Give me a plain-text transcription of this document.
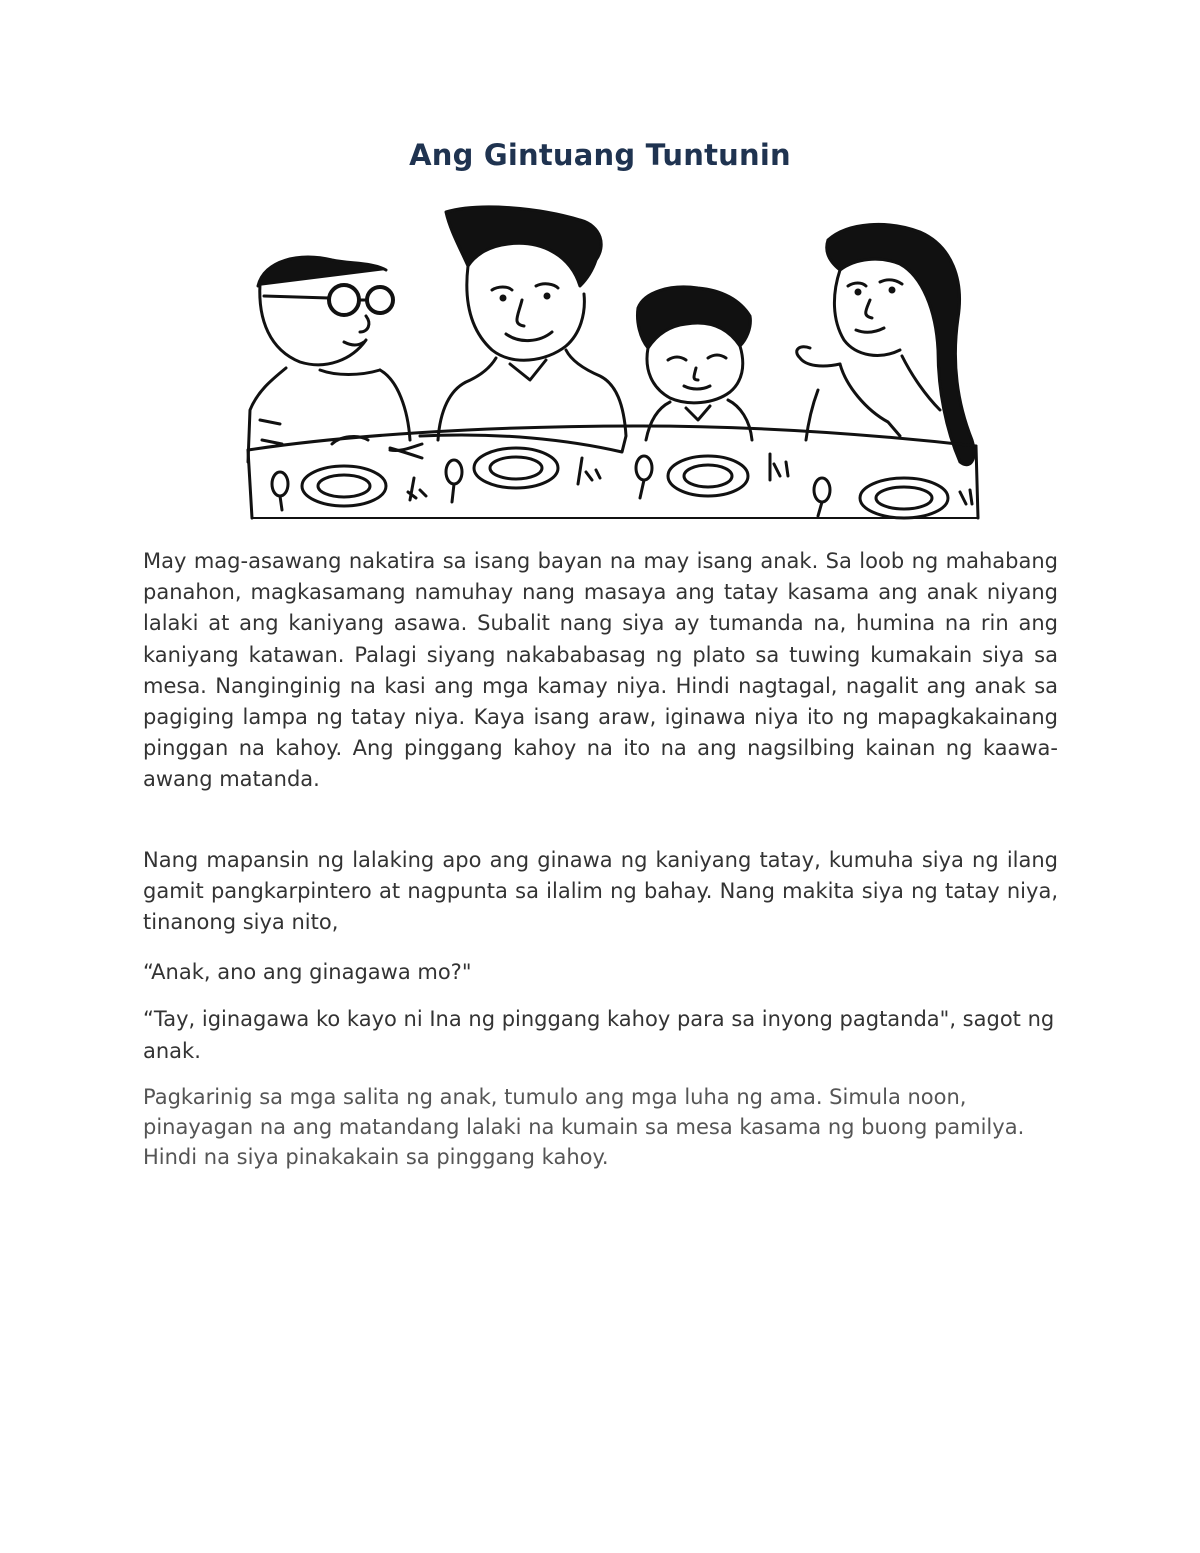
Ang Gintuang Tuntunin

May mag-asawang nakatira sa isang bayan na may isang anak. Sa loob ng mahabang panahon, magkasamang namuhay nang masaya ang tatay kasama ang anak niyang lalaki at ang kaniyang asawa. Subalit nang siya ay tumanda na, humina na rin ang kaniyang katawan. Palagi siyang nakababasag ng plato sa tuwing kumakain siya sa mesa. Nanginginig na kasi ang mga kamay niya. Hindi nagtagal, nagalit ang anak sa pagiging lampa ng tatay niya. Kaya isang araw, iginawa niya ito ng mapagkakainang pinggan na kahoy. Ang pinggang kahoy na ito na ang nagsilbing kainan ng kaawa-awang matanda.

Nang mapansin ng lalaking apo ang ginawa ng kaniyang tatay, kumuha siya ng ilang gamit pangkarpintero at nagpunta sa ilalim ng bahay. Nang makita siya ng tatay niya, tinanong siya nito,

“Anak, ano ang ginagawa mo?"

“Tay, iginagawa ko kayo ni Ina ng pinggang kahoy para sa inyong pagtanda", sagot ng anak.

Pagkarinig sa mga salita ng anak, tumulo ang mga luha ng ama. Simula noon, pinayagan na ang matandang lalaki na kumain sa mesa kasama ng buong pamilya. Hindi na siya pinakakain sa pinggang kahoy.
